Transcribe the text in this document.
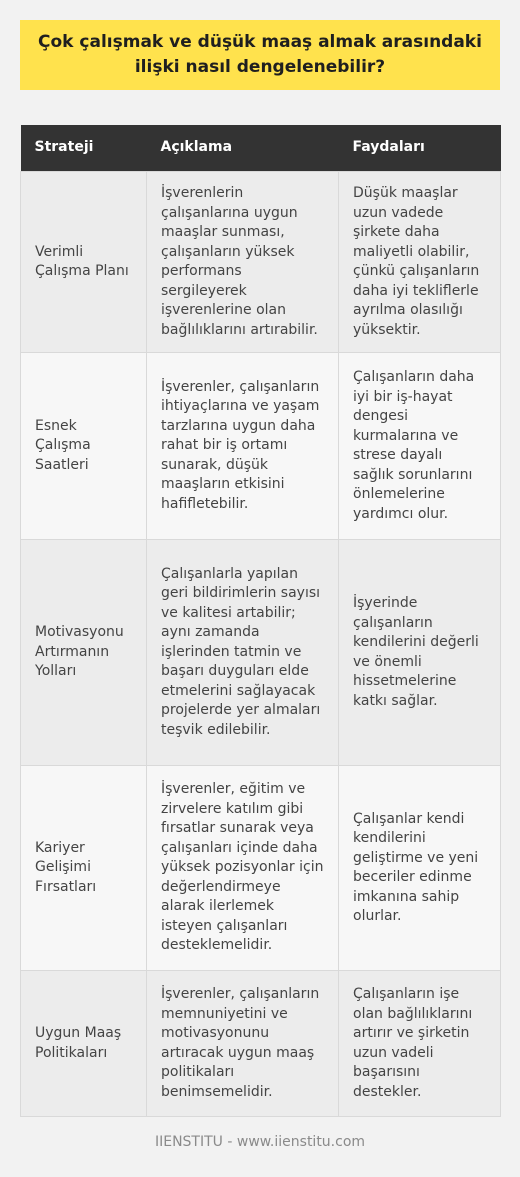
Çok çalışmak ve düşük maaş almak arasındaki ilişki nasıl dengelenebilir?
Strateji	Açıklama	Faydaları
Verimli Çalışma Planı	İşverenlerin çalışanlarına uygun maaşlar sunması, çalışanların yüksek performans sergileyerek işverenlerine olan bağlılıklarını artırabilir.	Düşük maaşlar uzun vadede şirkete daha maliyetli olabilir, çünkü çalışanların daha iyi tekliflerle ayrılma olasılığı yüksektir.
Esnek Çalışma Saatleri	İşverenler, çalışanların ihtiyaçlarına ve yaşam tarzlarına uygun daha rahat bir iş ortamı sunarak, düşük maaşların etkisini hafifletebilir.	Çalışanların daha iyi bir iş-hayat dengesi kurmalarına ve strese dayalı sağlık sorunlarını önlemelerine yardımcı olur.
Motivasyonu Artırmanın Yolları	Çalışanlarla yapılan geri bildirimlerin sayısı ve kalitesi artabilir; aynı zamanda işlerinden tatmin ve başarı duyguları elde etmelerini sağlayacak projelerde yer almaları teşvik edilebilir.	İşyerinde çalışanların kendilerini değerli ve önemli hissetmelerine katkı sağlar.
Kariyer Gelişimi Fırsatları	İşverenler, eğitim ve zirvelere katılım gibi fırsatlar sunarak veya çalışanları içinde daha yüksek pozisyonlar için değerlendirmeye alarak ilerlemek isteyen çalışanları desteklemelidir.	Çalışanlar kendi kendilerini geliştirme ve yeni beceriler edinme imkanına sahip olurlar.
Uygun Maaş Politikaları	İşverenler, çalışanların memnuniyetini ve motivasyonunu artıracak uygun maaş politikaları benimsemelidir.	Çalışanların işe olan bağlılıklarını artırır ve şirketin uzun vadeli başarısını destekler.
IIENSTITU - www.iienstitu.com
